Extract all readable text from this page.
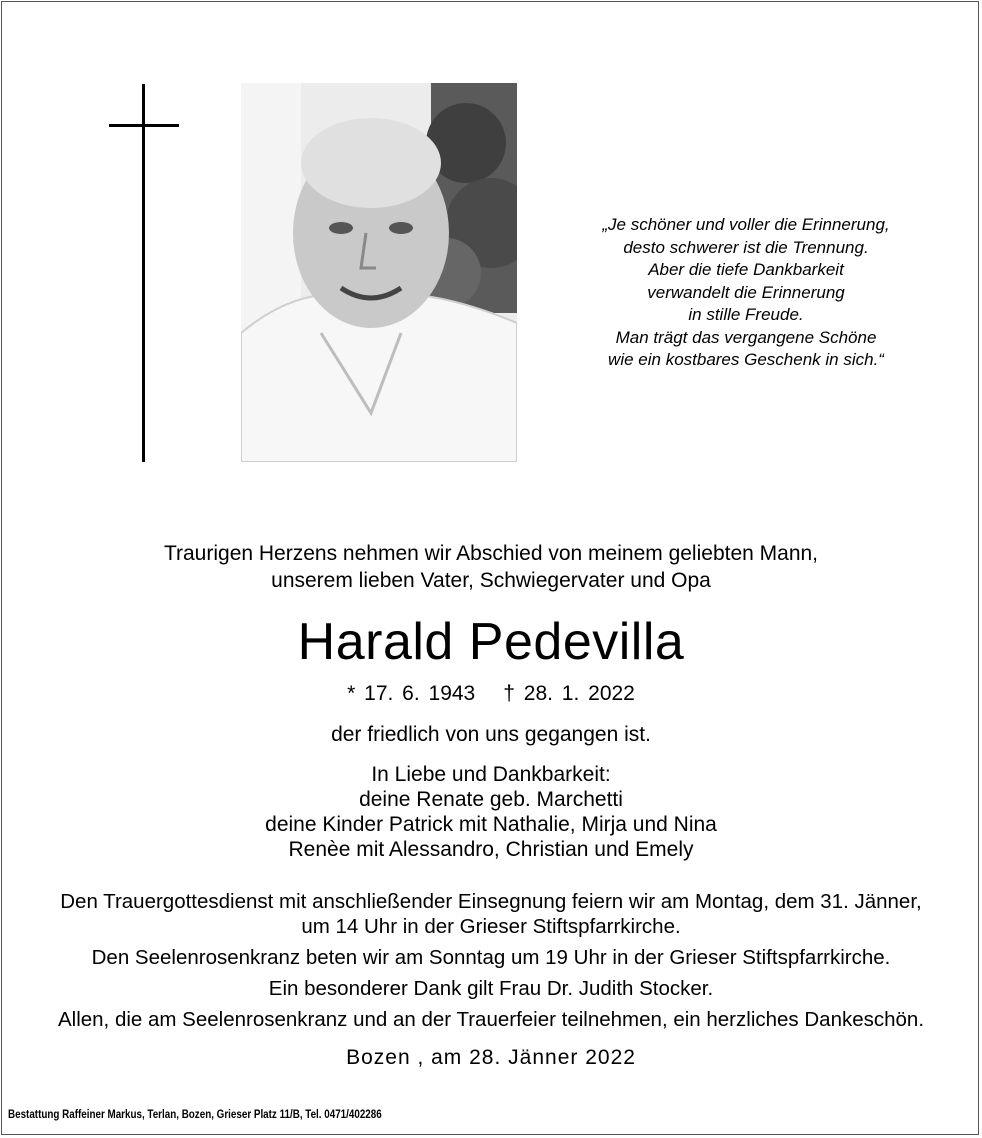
„Je schöner und voller die Erinnerung,
desto schwerer ist die Trennung.
Aber die tiefe Dankbarkeit
verwandelt die Erinnerung
in stille Freude.
Man trägt das vergangene Schöne
wie ein kostbares Geschenk in sich.“
Traurigen Herzens nehmen wir Abschied von meinem geliebten Mann,
unserem lieben Vater, Schwiegervater und Opa
Harald Pedevilla
* 17. 6. 1943 † 28. 1. 2022
der friedlich von uns gegangen ist.
In Liebe und Dankbarkeit:
deine Renate geb. Marchetti
deine Kinder Patrick mit Nathalie, Mirja und Nina
Renèe mit Alessandro, Christian und Emely
Den Trauergottesdienst mit anschließender Einsegnung feiern wir am Montag, dem 31. Jänner,
um 14 Uhr in der Grieser Stiftspfarrkirche.
Den Seelenrosenkranz beten wir am Sonntag um 19 Uhr in der Grieser Stiftspfarrkirche.
Ein besonderer Dank gilt Frau Dr. Judith Stocker.
Allen, die am Seelenrosenkranz und an der Trauerfeier teilnehmen, ein herzliches Dankeschön.
Bozen , am 28. Jänner 2022
Bestattung Raffeiner Markus, Terlan, Bozen, Grieser Platz 11/B, Tel. 0471/402286
